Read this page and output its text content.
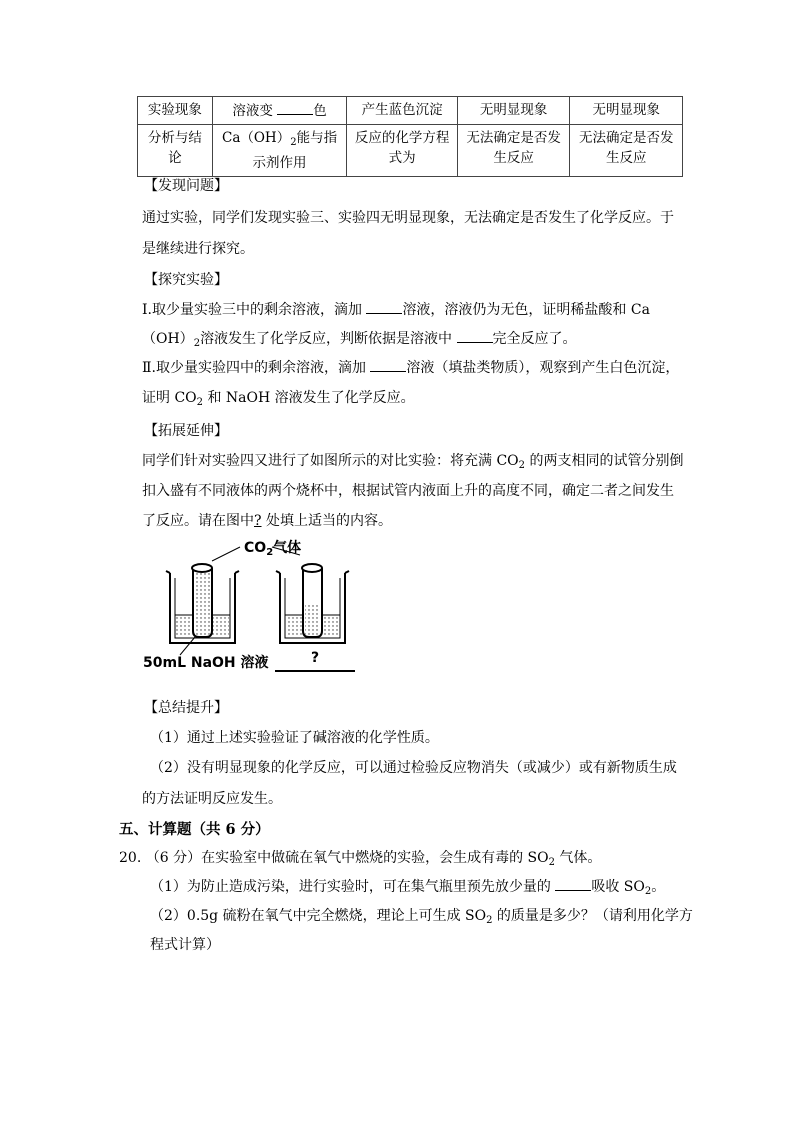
实验现象	溶液变 色	产生蓝色沉淀	无明显现象	无明显现象
分析与结论	$Ca(OH)_2$能与指示剂作用	反应的化学方程式为	无法确定是否发生反应	无法确定是否发生反应
【发现问题】
通过实验，同学们发现实验三、实验四无明显现象，无法确定是否发生了化学反应。于
是继续进行探究。
【探究实验】
Ⅰ.取少量实验三中的剩余溶液，滴加	溶液，溶液仍为无色，证明稀盐酸和 Ca
$(OH)_2$溶液发生了化学反应，判断依据是溶液中	完全反应了。
Ⅱ.取少量实验四中的剩余溶液，滴加	溶液（填盐类物质），观察到产生白色沉淀，
证明 $CO_2$ 和 NaOH 溶液发生了化学反应。
【拓展延伸】
同学们针对实验四又进行了如图所示的对比实验：将充满 $CO_2$ 的两支相同的试管分别倒
扣入盛有不同液体的两个烧杯中，根据试管内液面上升的高度不同，确定二者之间发生
了反应。请在图中? 处填上适当的内容。
$CO_2$气体
50mL NaOH 溶液	?
【总结提升】
（1）通过上述实验验证了碱溶液的化学性质。
（2）没有明显现象的化学反应，可以通过检验反应物消失（或减少）或有新物质生成
的方法证明反应发生。
五、计算题（共 6 分）
20. （6 分）在实验室中做硫在氧气中燃烧的实验，会生成有毒的 $SO_2$ 气体。
（1）为防止造成污染，进行实验时，可在集气瓶里预先放少量的	吸收 $SO_2$。
（2）0.5g 硫粉在氧气中完全燃烧，理论上可生成 $SO_2$ 的质量是多少？（请利用化学方
程式计算）
